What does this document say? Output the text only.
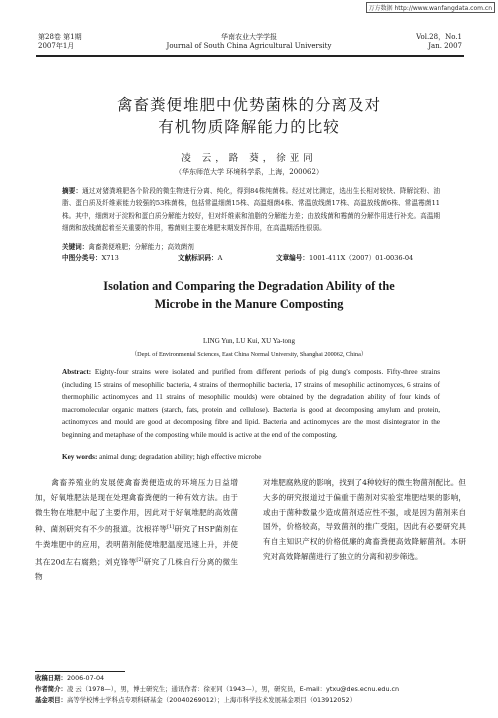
万方数据 http://www.wanfangdata.com.cn
第28卷 第1期
2007年1月
华南农业大学学报
Journal of South China Agricultural University
Vol.28，No.1
Jan. 2007
禽畜粪便堆肥中优势菌株的分离及对
有机物质降解能力的比较
凌 云，路 葵，徐亚同
（华东师范大学 环境科学系，上海，200062）
摘要：通过对猪粪堆肥各个阶段的微生物进行分离、纯化，得到84株纯菌株。经过对比测定，选出生长相对较快、降解淀粉、油脂、蛋白质及纤维素能力较强的53株菌株，包括常温细菌15株、高温细菌4株、常温放线菌17株、高温放线菌6株、常温霉菌11株。其中，细菌对于淀粉和蛋白质分解能力较好，但对纤维素和油脂的分解能力差；由放线菌和霉菌的分解作用进行补充。高温期细菌和放线菌起着至关重要的作用，霉菌则主要在堆肥末期发挥作用，在高温期活性很弱。
关键词：禽畜粪便堆肥；分解能力；高效菌剂
中图分类号：X713	文献标识码：A	文章编号：1001-411X（2007）01-0036-04
Isolation and Comparing the Degradation Ability of the
Microbe in the Manure Composting
LING Yun, LU Kui, XU Ya-tong
（Dept. of Environmental Sciences, East China Normal University, Shanghai 200062, China）
Abstract: Eighty-four strains were isolated and purified from different periods of pig dung's composts. Fifty-three strains (including 15 strains of mesophilic bacteria, 4 strains of thermophilic bacteria, 17 strains of mesophilic actinomyces, 6 strains of thermophilic actinomyces and 11 strains of mesophilic moulds) were obtained by the degradation ability of four kinds of macromolecular organic matters (starch, fats, protein and cellulose). Bacteria is good at decomposing amylum and protein, actinomyces and mould are good at decomposing fibre and lipid. Bacteria and actinomyces are the most disintegrator in the beginning and metaphase of the composting while mould is active at the end of the composting.
Key words: animal dung; degradation ability; high effective microbe
　　禽畜养殖业的发展使禽畜粪便造成的环境压力日益增加，好氧堆肥法是现在处理禽畜粪便的一种有效方法。由于微生物在堆肥中起了主要作用，因此对于好氧堆肥的高效菌种、菌剂研究有不少的报道。沈根祥等[1]研究了HSP菌剂在牛粪堆肥中的应用，表明菌剂能使堆肥温度迅速上升，并使其在20d左右腐熟；刘克锋等[2]研究了几株自行分离的微生物
对堆肥腐熟度的影响，找到了4种较好的微生物菌剂配比。但大多的研究报道过于偏重于菌剂对实验室堆肥结果的影响，或由于菌种数量少造成菌剂适应性不强，或是因为菌剂来自国外，价格较高，导致菌剂的推广受阻，因此有必要研究具有自主知识产权的价格低廉的禽畜粪便高效降解菌剂。本研究对高效降解菌进行了独立的分离和初步筛选。
收稿日期：2006-07-04
作者简介：凌 云（1978—），男，博士研究生；通讯作者：徐亚同（1943—），男，研究员，E-mail：ytxu@des.ecnu.edu.cn
基金项目：高等学校博士学科点专项科研基金（20040269012）；上海市科学技术发展基金项目（013912052）
